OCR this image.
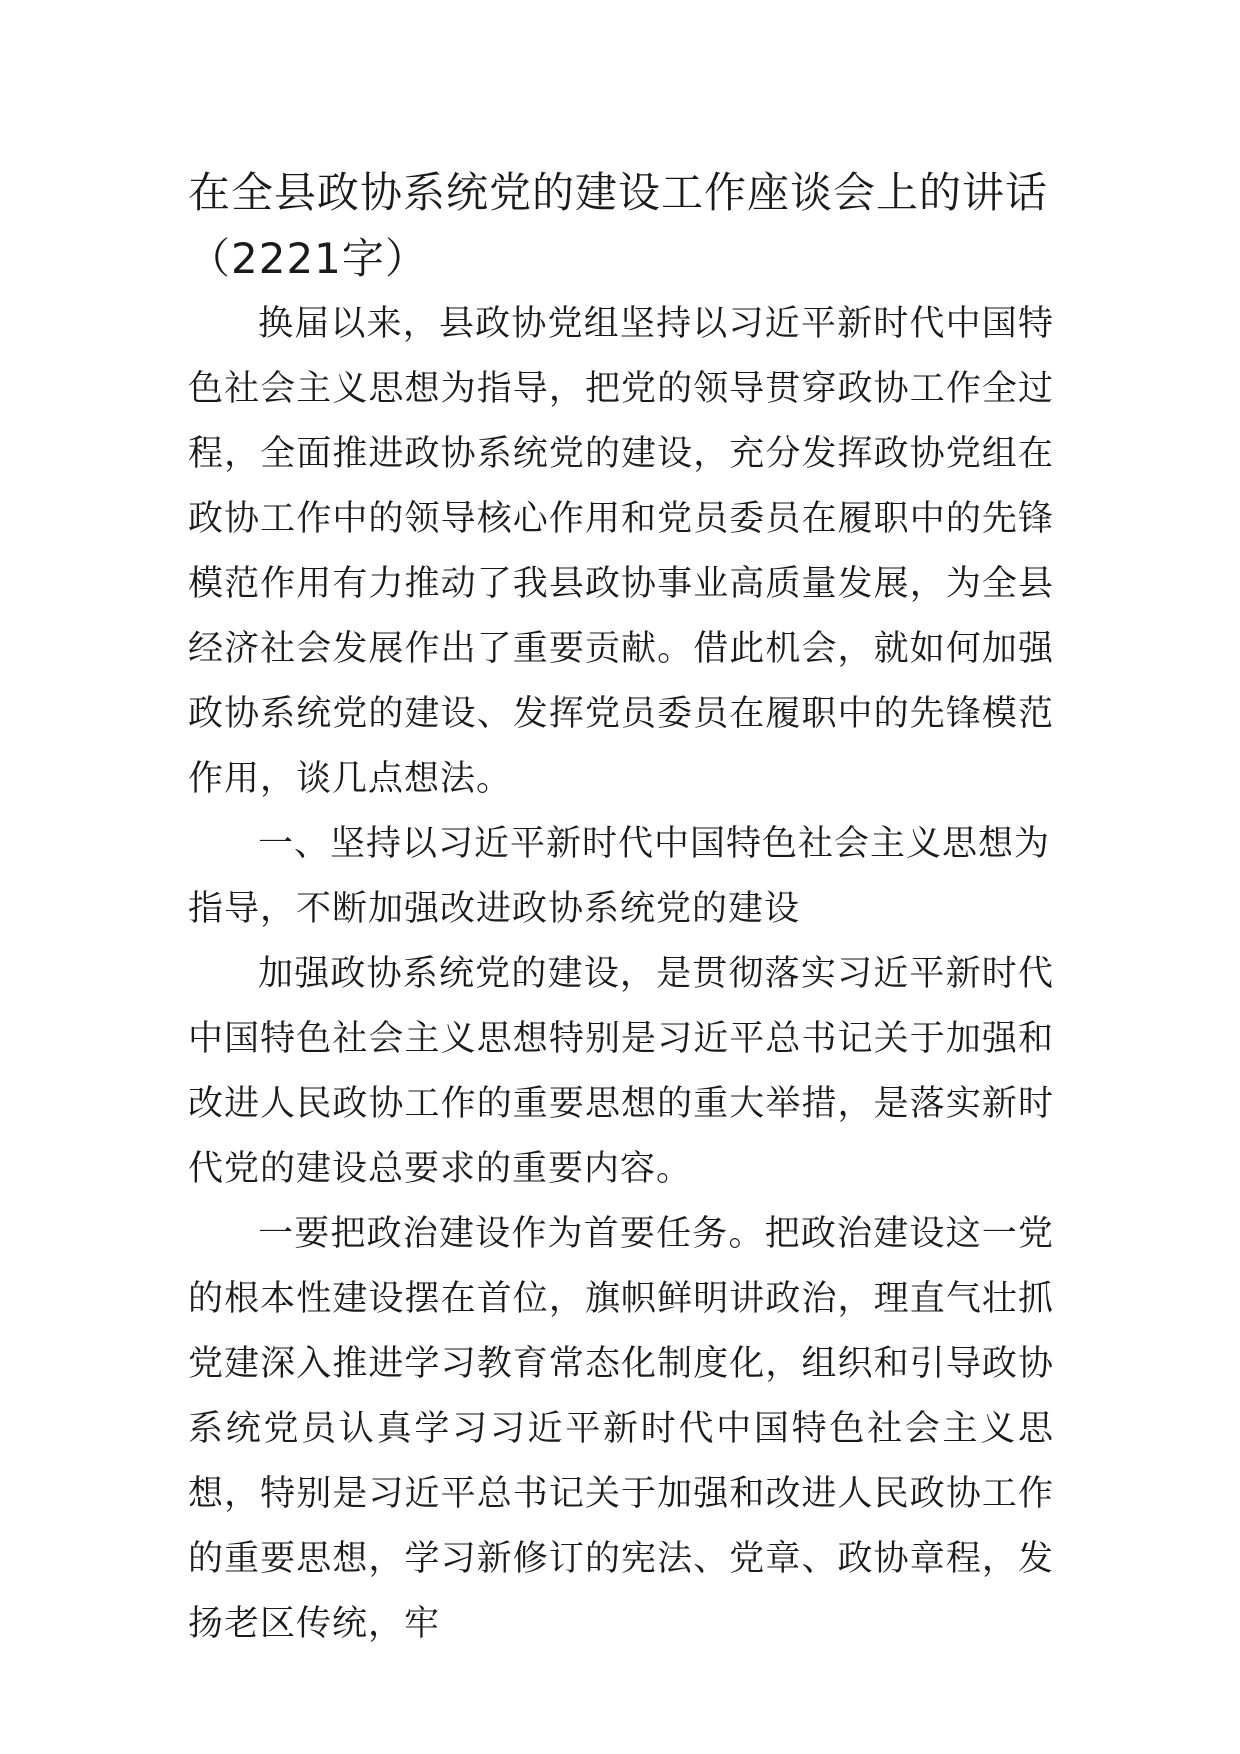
在全县政协系统党的建设工作座谈会上的讲话（2221字）

换届以来，县政协党组坚持以习近平新时代中国特色社会主义思想为指导，把党的领导贯穿政协工作全过程，全面推进政协系统党的建设，充分发挥政协党组在政协工作中的领导核心作用和党员委员在履职中的先锋模范作用有力推动了我县政协事业高质量发展，为全县经济社会发展作出了重要贡献。借此机会，就如何加强政协系统党的建设、发挥党员委员在履职中的先锋模范作用，谈几点想法。

一、坚持以习近平新时代中国特色社会主义思想为指导，不断加强改进政协系统党的建设

加强政协系统党的建设，是贯彻落实习近平新时代中国特色社会主义思想特别是习近平总书记关于加强和改进人民政协工作的重要思想的重大举措，是落实新时代党的建设总要求的重要内容。

一要把政治建设作为首要任务。把政治建设这一党的根本性建设摆在首位，旗帜鲜明讲政治，理直气壮抓党建深入推进学习教育常态化制度化，组织和引导政协系统党员认真学习习近平新时代中国特色社会主义思想，特别是习近平总书记关于加强和改进人民政协工作的重要思想，学习新修订的宪法、党章、政协章程，发扬老区传统，牢
